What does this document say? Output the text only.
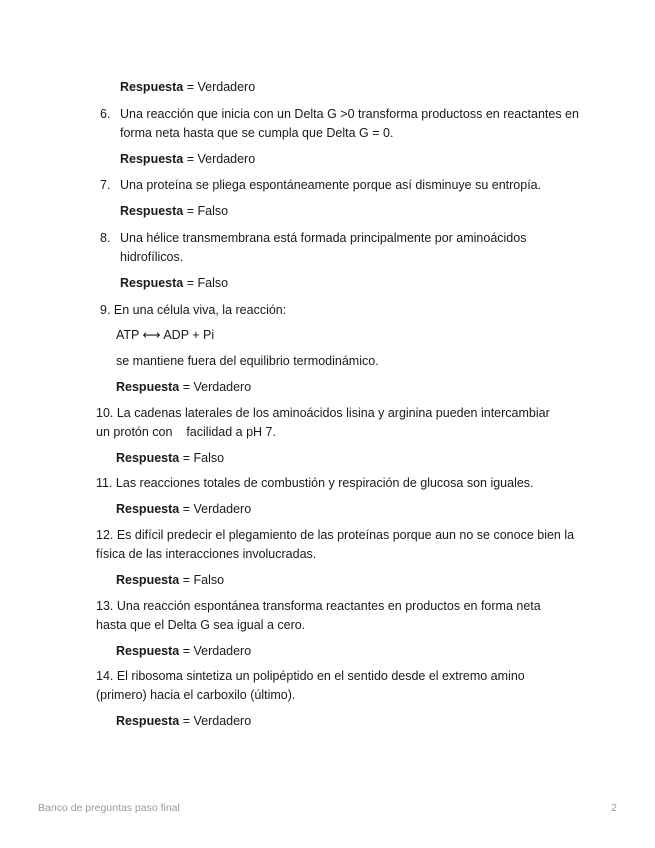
Respuesta = Verdadero

6. Una reacción que inicia con un Delta G >0 transforma productoss en reactantes en forma neta hasta que se cumpla que Delta G = 0.

Respuesta = Verdadero

7. Una proteína se pliega espontáneamente porque así disminuye su entropía.

Respuesta = Falso

8. Una hélice transmembrana está formada principalmente por aminoácidos hidrofílicos.

Respuesta = Falso

9. En una célula viva, la reacción:

ATP ⟷ ADP + Pi

se mantiene fuera del equilibrio termodinámico.

Respuesta = Verdadero

10. La cadenas laterales de los aminoácidos lisina y arginina pueden intercambiar un protón con    facilidad a pH 7.

Respuesta = Falso

11. Las reacciones totales de combustión y respiración de glucosa son iguales.

Respuesta = Verdadero

12. Es difícil predecir el plegamiento de las proteínas porque aun no se conoce bien la física de las interacciones involucradas.

Respuesta = Falso

13. Una reacción espontánea transforma reactantes en productos en forma neta hasta que el Delta G sea igual a cero.

Respuesta = Verdadero

14. El ribosoma sintetiza un polipéptido en el sentido desde el extremo amino (primero) hacia el carboxilo (último).

Respuesta = Verdadero

Banco de preguntas paso final	2
